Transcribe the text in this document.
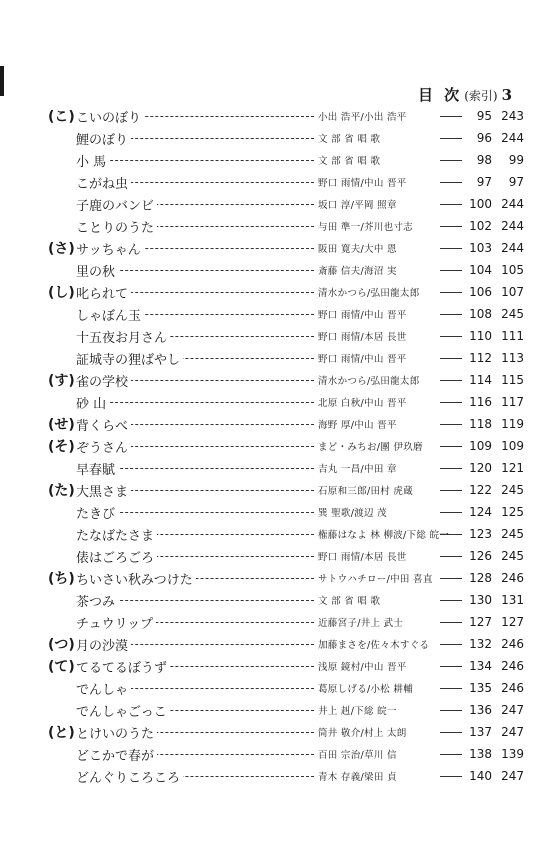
目 次 (索引) 3
(こ) こいのぼり	小出 浩平/小出 浩平	95 243
鯉のぼり	文 部 省 唱 歌	96 244
小 馬	文 部 省 唱 歌	98	99
こがね虫	野口 雨情/中山 晋平	97	97
子鹿のバンビ	坂口 淳/平岡 照章	100 244
ことりのうた	与田 準一/芥川也寸志	102 244
(さ) サッちゃん	阪田 寛夫/大中 恩	103 244
里の秋	斎藤 信夫/海沼 実	104 105
(し) 叱られて	清水かつら/弘田龍太郎	106 107
しゃぼん玉	野口 雨情/中山 晋平	108 245
十五夜お月さん	野口 雨情/本居 長世	110 111
証城寺の狸ばやし	野口 雨情/中山 晋平	112 113
(す) 雀の学校	清水かつら/弘田龍太郎	114 115
砂 山	北原 白秋/中山 晋平	116 117
(せ) 背くらべ	海野 厚/中山 晋平	118 119
(そ) ぞうさん	まど・みちお/團 伊玖磨	109 109
早春賦	吉丸 一昌/中田 章	120 121
(た) 大黒さま	石原和三郎/田村 虎蔵	122 245
たきび	巽 聖歌/渡辺 茂	124 125
たなばたさま	権藤はなよ 林 柳波/下総 皖一	123 245
俵はごろごろ	野口 雨情/本居 長世	126 245
(ち) ちいさい秋みつけた	サトウハチロー/中田 喜直	128 246
茶つみ	文 部 省 唱 歌	130 131
チュウリップ	近藤宮子/井上 武士	127 127
(つ) 月の沙漠	加藤まさを/佐々木すぐる	132 246
(て) てるてるぼうず	浅原 鏡村/中山 晋平	134 246
でんしゃ	葛原しげる/小松 耕輔	135 246
でんしゃごっこ	井上 赳/下総 皖一	136 247
(と) とけいのうた	筒井 敬介/村上 太朗	137 247
どこかで春が	百田 宗治/草川 信	138 139
どんぐりころころ	青木 存義/梁田 貞	140 247
